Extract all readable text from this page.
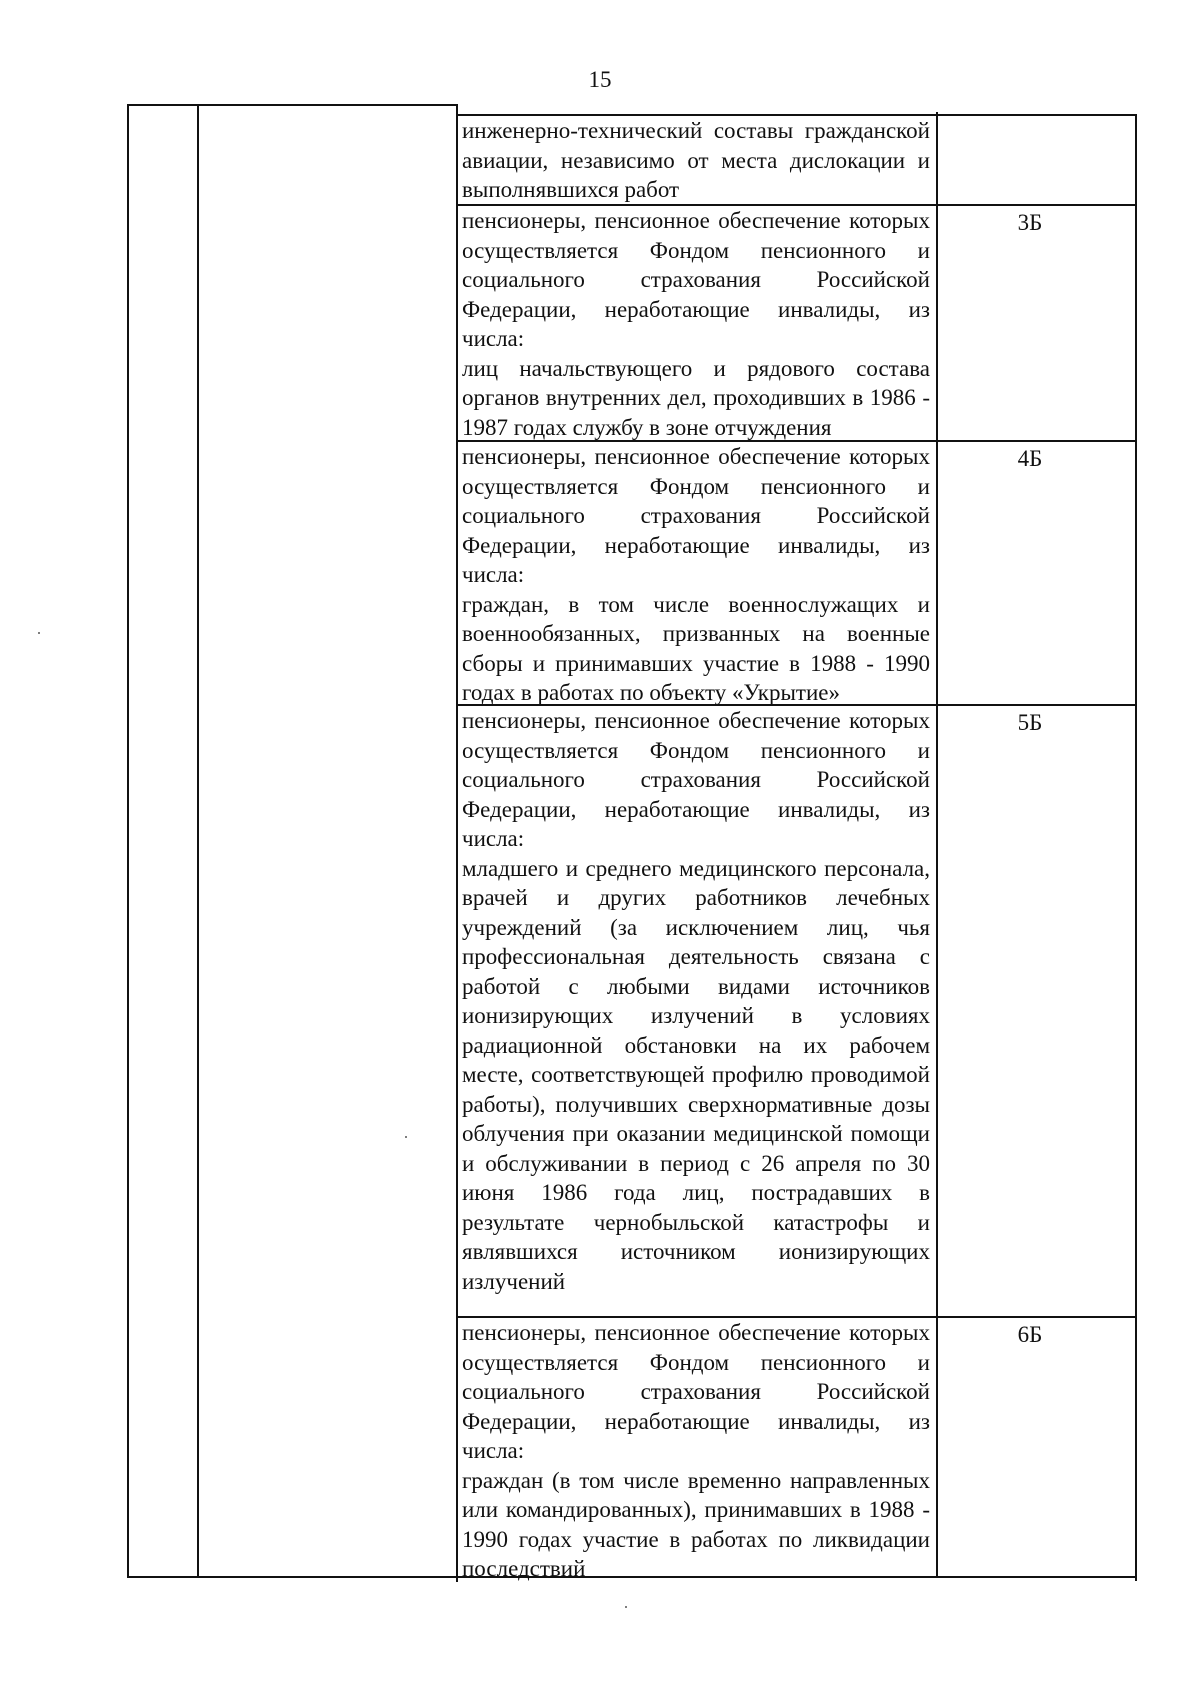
15

инженерно-технический составы гражданской авиации, независимо от места дислокации и выполнявшихся работ

пенсионеры, пенсионное обеспечение которых осуществляется Фондом пенсионного и социального страхования Российской Федерации, неработающие инвалиды, из числа:

лиц начальствующего и рядового состава органов внутренних дел, проходивших в 1986 - 1987 годах службу в зоне отчуждения

3Б

пенсионеры, пенсионное обеспечение которых осуществляется Фондом пенсионного и социального страхования Российской Федерации, неработающие инвалиды, из числа:

граждан, в том числе военнослужащих и военнообязанных, призванных на военные сборы и принимавших участие в 1988 - 1990 годах в работах по объекту «Укрытие»

4Б

пенсионеры, пенсионное обеспечение которых осуществляется Фондом пенсионного и социального страхования Российской Федерации, неработающие инвалиды, из числа:

младшего и среднего медицинского персонала, врачей и других работников лечебных учреждений (за исключением лиц, чья профессиональная деятельность связана с работой с любыми видами источников ионизирующих излучений в условиях радиационной обстановки на их рабочем месте, соответствующей профилю проводимой работы), получивших сверхнормативные дозы облучения при оказании медицинской помощи и обслуживании в период с 26 апреля по 30 июня 1986 года лиц, пострадавших в результате чернобыльской катастрофы и являвшихся источником ионизирующих излучений

5Б

пенсионеры, пенсионное обеспечение которых осуществляется Фондом пенсионного и социального страхования Российской Федерации, неработающие инвалиды, из числа:

граждан (в том числе временно направленных или командированных), принимавших в 1988 - 1990 годах участие в работах по ликвидации последствий

6Б
